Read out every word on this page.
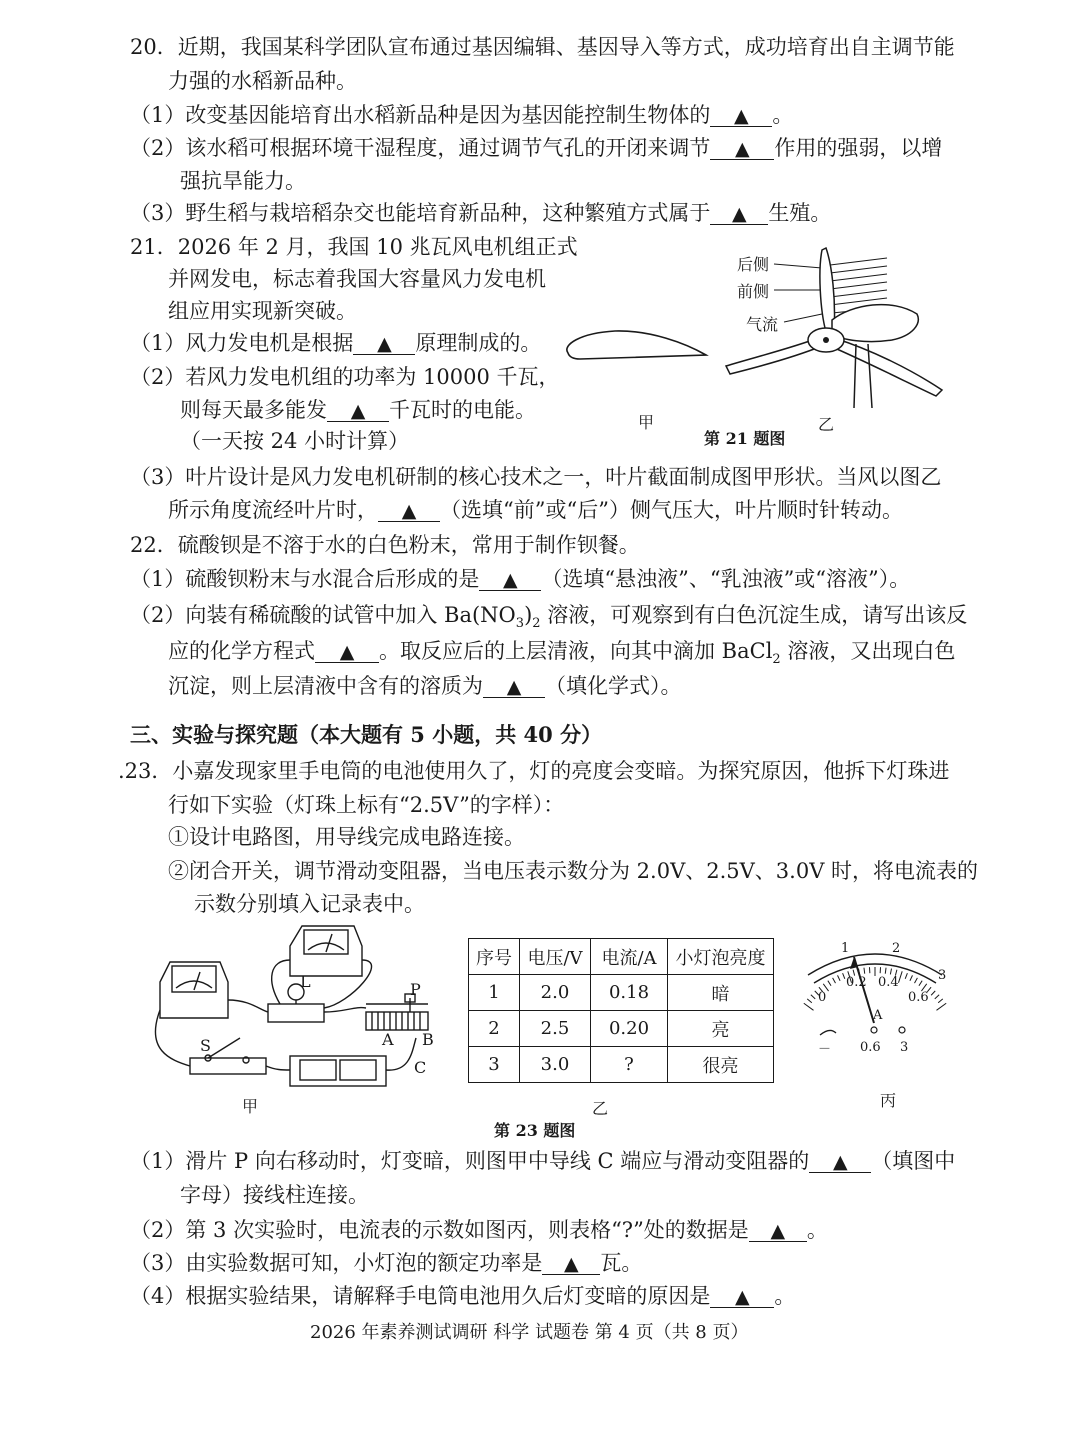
20．近期，我国某科学团队宣布通过基因编辑、基因导入等方式，成功培育出自主调节能
力强的水稻新品种。
（1）改变基因能培育出水稻新品种是因为基因能控制生物体的 ▲ 。
（2）该水稻可根据环境干湿程度，通过调节气孔的开闭来调节 ▲ 作用的强弱，以增
强抗旱能力。
（3）野生稻与栽培稻杂交也能培育新品种，这种繁殖方式属于 ▲ 生殖。
21．2026 年 2 月，我国 10 兆瓦风电机组正式
并网发电，标志着我国大容量风力发电机
组应用实现新突破。
（1）风力发电机是根据 ▲ 原理制成的。
（2）若风力发电机组的功率为 10000 千瓦，
则每天最多能发 ▲ 千瓦时的电能。
（一天按 24 小时计算）
后侧
前侧
气流
甲
第 21 题图
乙
（3）叶片设计是风力发电机研制的核心技术之一，叶片截面制成图甲形状。当风以图乙
所示角度流经叶片时， ▲ （选填“前”或“后”）侧气压大，叶片顺时针转动。
22．硫酸钡是不溶于水的白色粉末，常用于制作钡餐。
（1）硫酸钡粉末与水混合后形成的是 ▲ （选填“悬浊液”、“乳浊液”或“溶液”）。
（2）向装有稀硫酸的试管中加入 $Ba(NO_3)_2$ 溶液，可观察到有白色沉淀生成，请写出该反
应的化学方程式 ▲ 。取反应后的上层清液，向其中滴加 BaCl$_2$ 溶液，又出现白色
沉淀，则上层清液中含有的溶质为 ▲ （填化学式）。
三、实验与探究题（本大题有 5 小题，共 40 分）
.23．小嘉发现家里手电筒的电池使用久了，灯的亮度会变暗。为探究原因，他拆下灯珠进
行如下实验（灯珠上标有“2.5V”的字样）：
①设计电路图，用导线完成电路连接。
②闭合开关，调节滑动变阻器，当电压表示数分为 2.0V、2.5V、3.0V 时，将电流表的
示数分别填入记录表中。
L	P
A B
S
C
甲
序号	电压/V	电流/A	小灯泡亮度
1	2.0	0.18	暗
2	2.5	0.20	亮
3	3.0	?	很亮
乙
0
1	2
3
0.2 0.4
0.6
A
－ 0.6 3
丙
第 23 题图
（1）滑片 P 向右移动时，灯变暗，则图甲中导线 C 端应与滑动变阻器的 ▲ （填图中
字母）接线柱连接。
（2）第 3 次实验时，电流表的示数如图丙，则表格“?”处的数据是 ▲ 。
（3）由实验数据可知，小灯泡的额定功率是 ▲ 瓦。
（4）根据实验结果，请解释手电筒电池用久后灯变暗的原因是 ▲ 。
2026 年素养测试调研 科学 试题卷 第 4 页（共 8 页）
